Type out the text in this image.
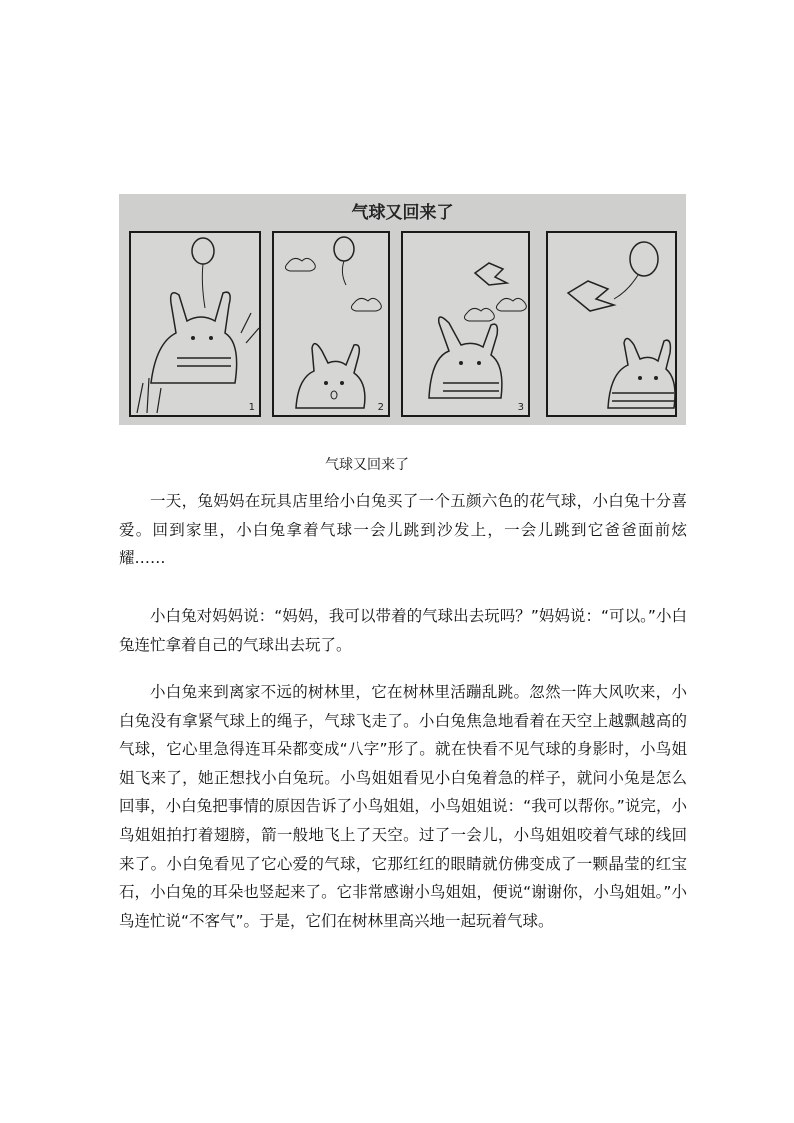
气球又回来了
1	2	3
气球又回来了

一天，兔妈妈在玩具店里给小白兔买了一个五颜六色的花气球，小白兔十分喜爱。回到家里，小白兔拿着气球一会儿跳到沙发上，一会儿跳到它爸爸面前炫耀……

小白兔对妈妈说：“妈妈，我可以带着的气球出去玩吗？”妈妈说：“可以。”小白兔连忙拿着自己的气球出去玩了。

小白兔来到离家不远的树林里，它在树林里活蹦乱跳。忽然一阵大风吹来，小白兔没有拿紧气球上的绳子，气球飞走了。小白兔焦急地看着在天空上越飘越高的气球，它心里急得连耳朵都变成“八字”形了。就在快看不见气球的身影时，小鸟姐姐飞来了，她正想找小白兔玩。小鸟姐姐看见小白兔着急的样子，就问小兔是怎么回事，小白兔把事情的原因告诉了小鸟姐姐，小鸟姐姐说：“我可以帮你。”说完，小鸟姐姐拍打着翅膀，箭一般地飞上了天空。过了一会儿，小鸟姐姐咬着气球的线回来了。小白兔看见了它心爱的气球，它那红红的眼睛就仿佛变成了一颗晶莹的红宝石，小白兔的耳朵也竖起来了。它非常感谢小鸟姐姐，便说“谢谢你，小鸟姐姐。”小鸟连忙说“不客气”。于是，它们在树林里高兴地一起玩着气球。
